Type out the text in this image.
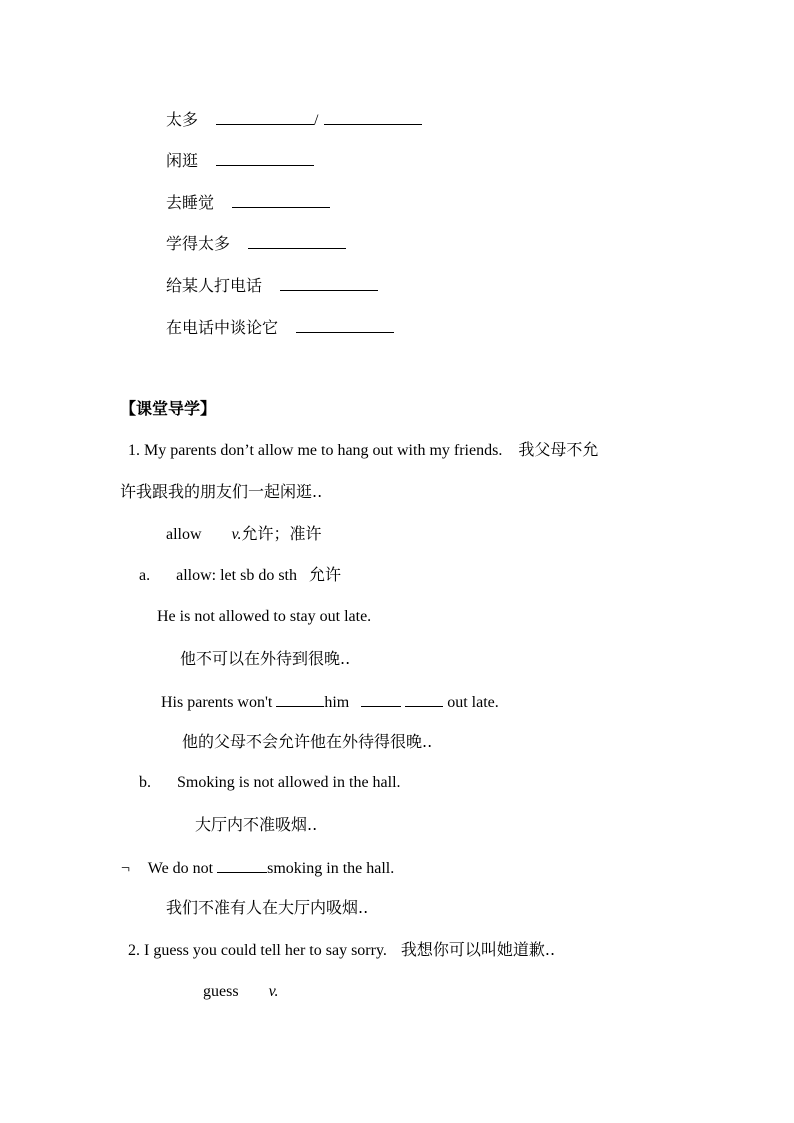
太多	/
闲逛
去睡觉
学得太多
给某人打电话
在电话中谈论它
【课堂导学】
1. My parents don’t allow me to hang out with my friends. 我父母不允
许我跟我的朋友们一起闲逛..
allow v.允许；准许
a. allow: let sb do sth 允许
He is not allowed to stay out late.
他不可以在外待到很晚..
His parents won't	him	out late.
他的父母不会允许他在外待得很晚..
b. Smoking is not allowed in the hall.
大厅内不准吸烟..
¬ We do not	smoking in the hall.
我们不准有人在大厅内吸烟..
2. I guess you could tell her to say sorry. 我想你可以叫她道歉..
guess v.
